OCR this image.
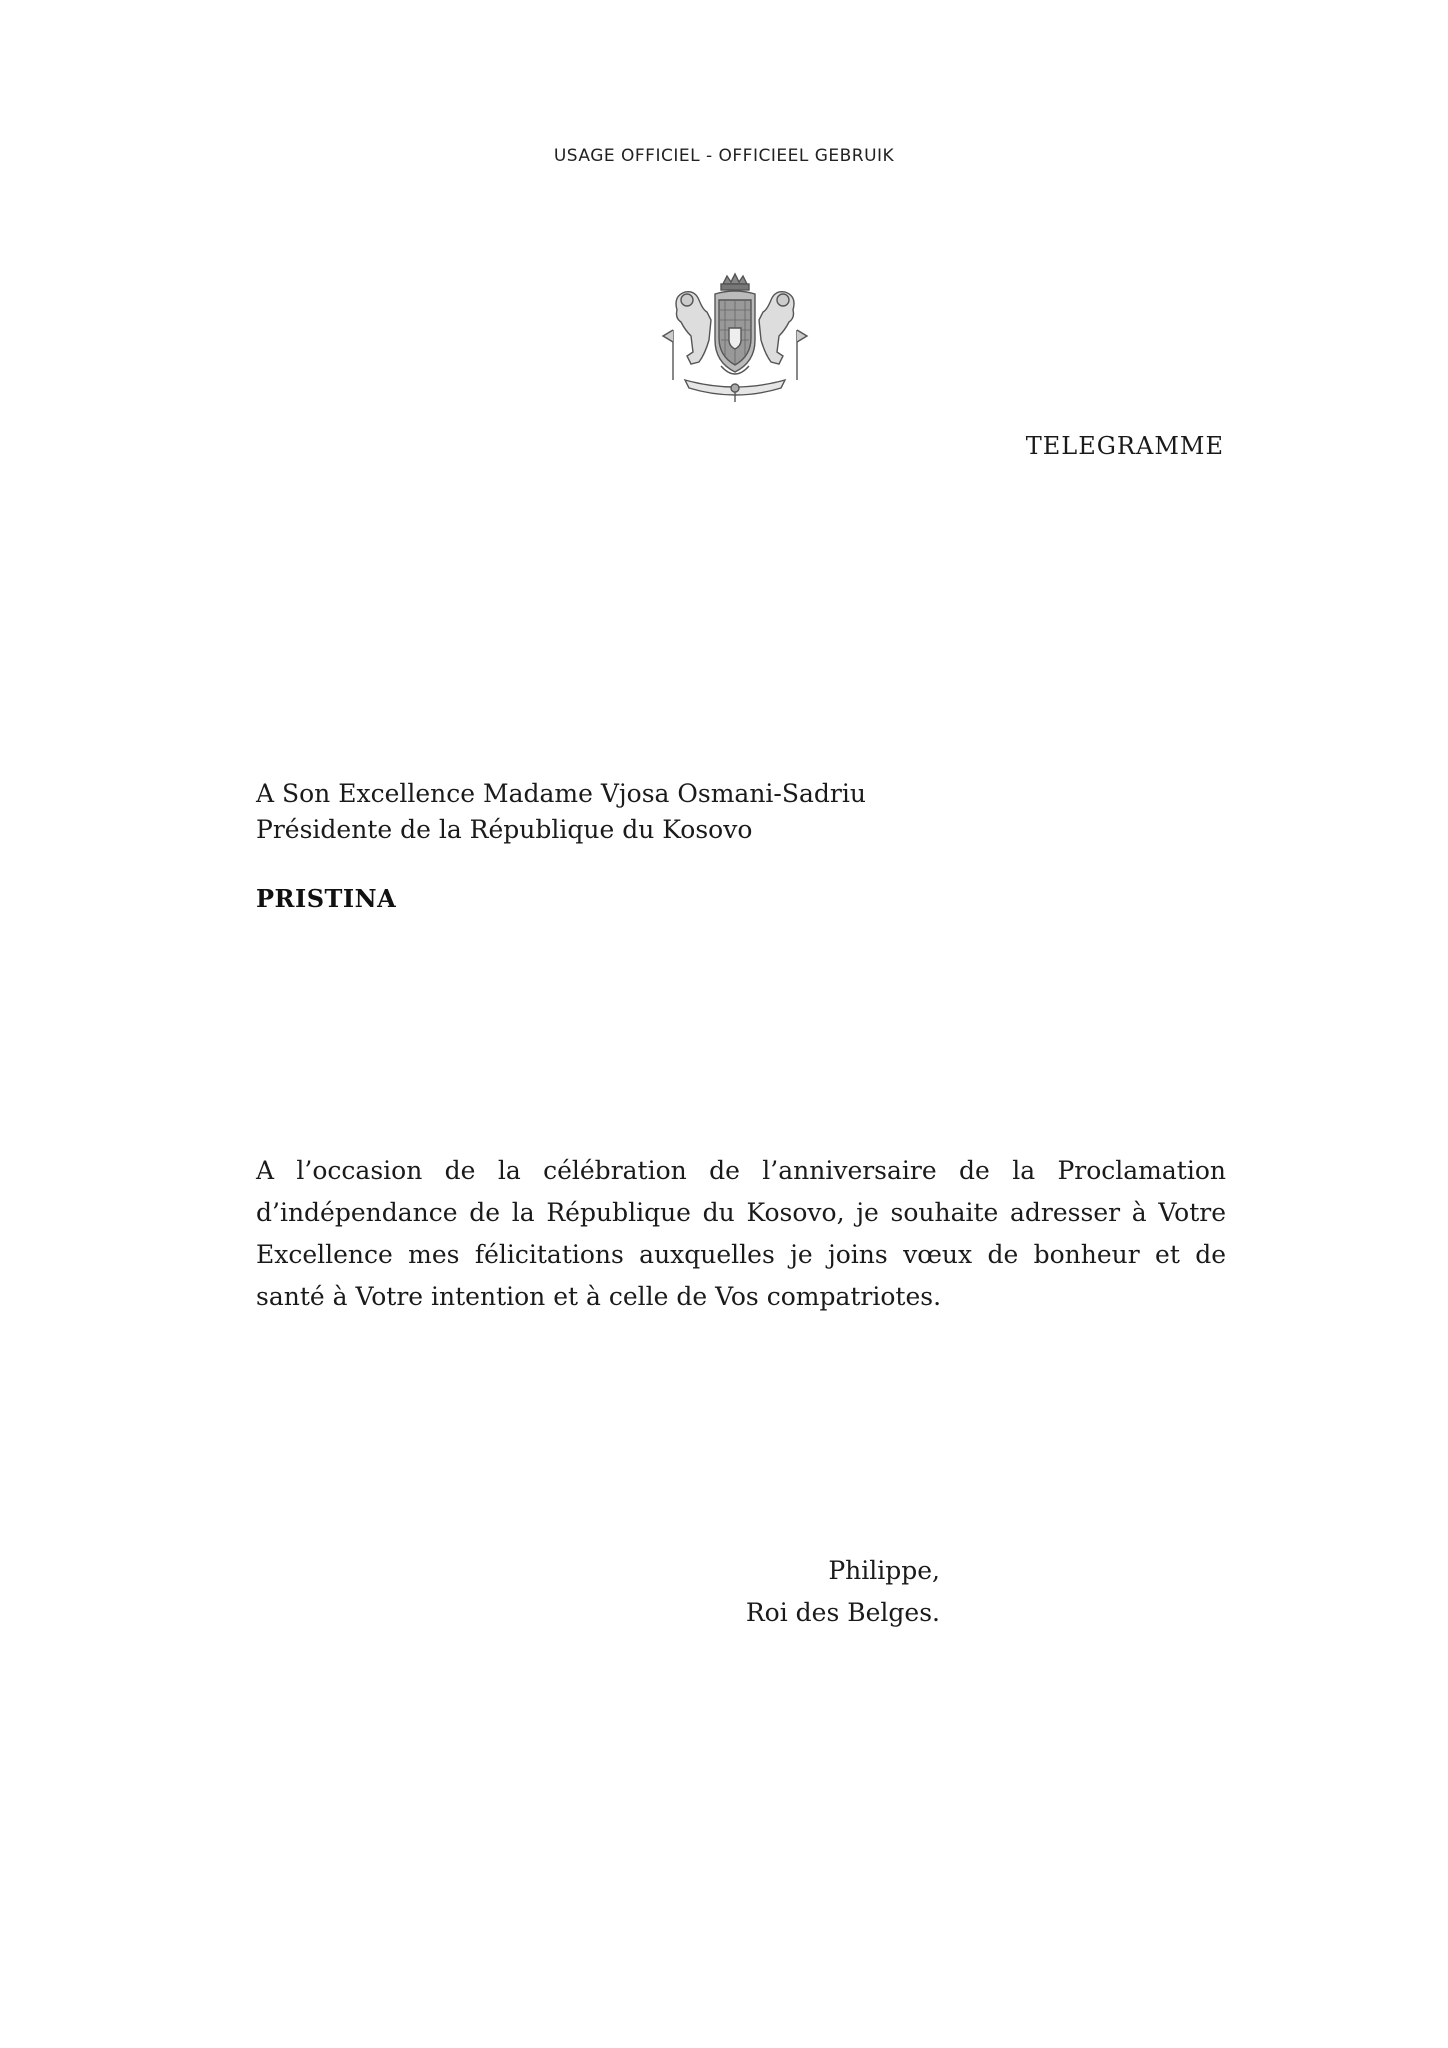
USAGE OFFICIEL - OFFICIEEL GEBRUIK
TELEGRAMME
A Son Excellence Madame Vjosa Osmani-Sadriu
Présidente de la République du Kosovo
PRISTINA
A l’occasion de la célébration de l’anniversaire de la Proclamation d’indépendance de la République du Kosovo, je souhaite adresser à Votre Excellence mes félicitations auxquelles je joins vœux de bonheur et de santé à Votre intention et à celle de Vos compatriotes.
Philippe,
Roi des Belges.
